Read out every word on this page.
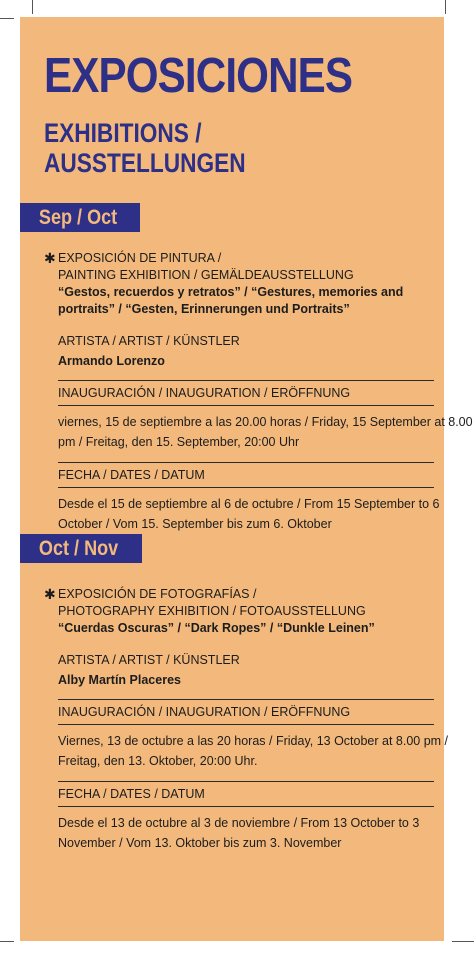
EXPOSICIONES
EXHIBITIONS /
AUSSTELLUNGEN
Sep / Oct
✱ EXPOSICIÓN DE PINTURA /
PAINTING EXHIBITION / GEMÄLDEAUSSTELLUNG
“Gestos, recuerdos y retratos” / “Gestures, memories and
portraits” / “Gesten, Erinnerungen und Portraits”
ARTISTA / ARTIST / KÜNSTLER
Armando Lorenzo
INAUGURACIÓN / INAUGURATION / ERÖFFNUNG
viernes, 15 de septiembre a las 20.00 horas / Friday, 15 September at 8.00
pm / Freitag, den 15. September, 20:00 Uhr
FECHA / DATES / DATUM
Desde el 15 de septiembre al 6 de octubre / From 15 September to 6
October / Vom 15. September bis zum 6. Oktober
Oct / Nov
✱ EXPOSICIÓN DE FOTOGRAFÍAS /
PHOTOGRAPHY EXHIBITION / FOTOAUSSTELLUNG
“Cuerdas Oscuras” / “Dark Ropes” / “Dunkle Leinen”
ARTISTA / ARTIST / KÜNSTLER
Alby Martín Placeres
INAUGURACIÓN / INAUGURATION / ERÖFFNUNG
Viernes, 13 de octubre a las 20 horas / Friday, 13 October at 8.00 pm /
Freitag, den 13. Oktober, 20:00 Uhr.
FECHA / DATES / DATUM
Desde el 13 de octubre al 3 de noviembre / From 13 October to 3
November / Vom 13. Oktober bis zum 3. November
